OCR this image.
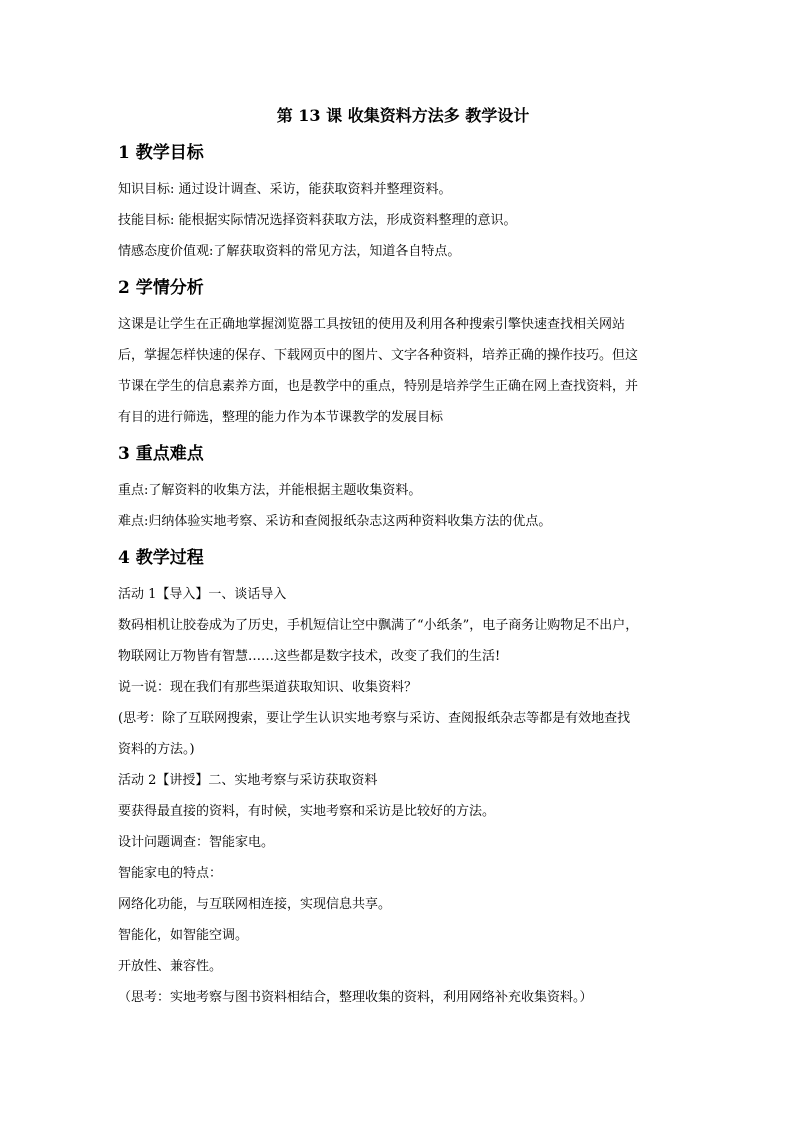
第 13 课 收集资料方法多 教学设计
1 教学目标
知识目标: 通过设计调查、采访，能获取资料并整理资料。
技能目标: 能根据实际情况选择资料获取方法，形成资料整理的意识。
情感态度价值观:了解获取资料的常见方法，知道各自特点。
2 学情分析
这课是让学生在正确地掌握浏览器工具按钮的使用及利用各种搜索引擎快速查找相关网站
后，掌握怎样快速的保存、下载网页中的图片、文字各种资料，培养正确的操作技巧。但这
节课在学生的信息素养方面，也是教学中的重点，特别是培养学生正确在网上查找资料，并
有目的进行筛选，整理的能力作为本节课教学的发展目标
3 重点难点
重点:了解资料的收集方法，并能根据主题收集资料。
难点:归纳体验实地考察、采访和查阅报纸杂志这两种资料收集方法的优点。
4 教学过程
活动 1【导入】一、谈话导入
数码相机让胶卷成为了历史，手机短信让空中飘满了“小纸条”，电子商务让购物足不出户，
物联网让万物皆有智慧……这些都是数字技术，改变了我们的生活!
说一说：现在我们有那些渠道获取知识、收集资料？
(思考：除了互联网搜索，要让学生认识实地考察与采访、查阅报纸杂志等都是有效地查找
资料的方法。)
活动 2【讲授】二、实地考察与采访获取资料
要获得最直接的资料，有时候，实地考察和采访是比较好的方法。
设计问题调查：智能家电。
智能家电的特点：
网络化功能，与互联网相连接，实现信息共享。
智能化，如智能空调。
开放性、兼容性。
（思考：实地考察与图书资料相结合，整理收集的资料，利用网络补充收集资料。）
